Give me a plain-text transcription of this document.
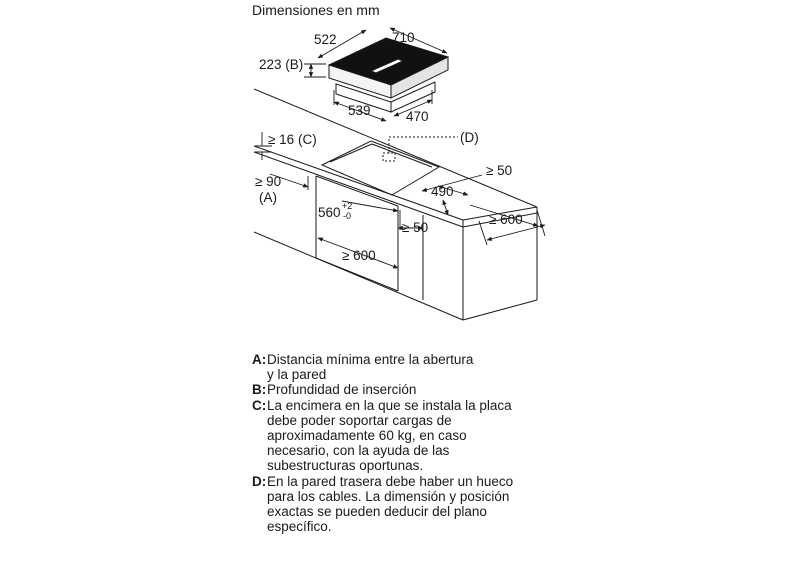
Dimensiones en mm
522	710
223 (B)
539	470
≥ 16 (C)	(D)
≥ 50
490
≥ 90
(A)
560 +2
-0
≥ 50
≥ 600
≥ 600
A: Distancia mínima entre la abertura
y la pared
B: Profundidad de inserción
C: La encimera en la que se instala la placa
debe poder soportar cargas de
aproximadamente 60 kg, en caso
necesario, con la ayuda de las
subestructuras oportunas.
D: En la pared trasera debe haber un hueco
para los cables. La dimensión y posición
exactas se pueden deducir del plano
específico.
